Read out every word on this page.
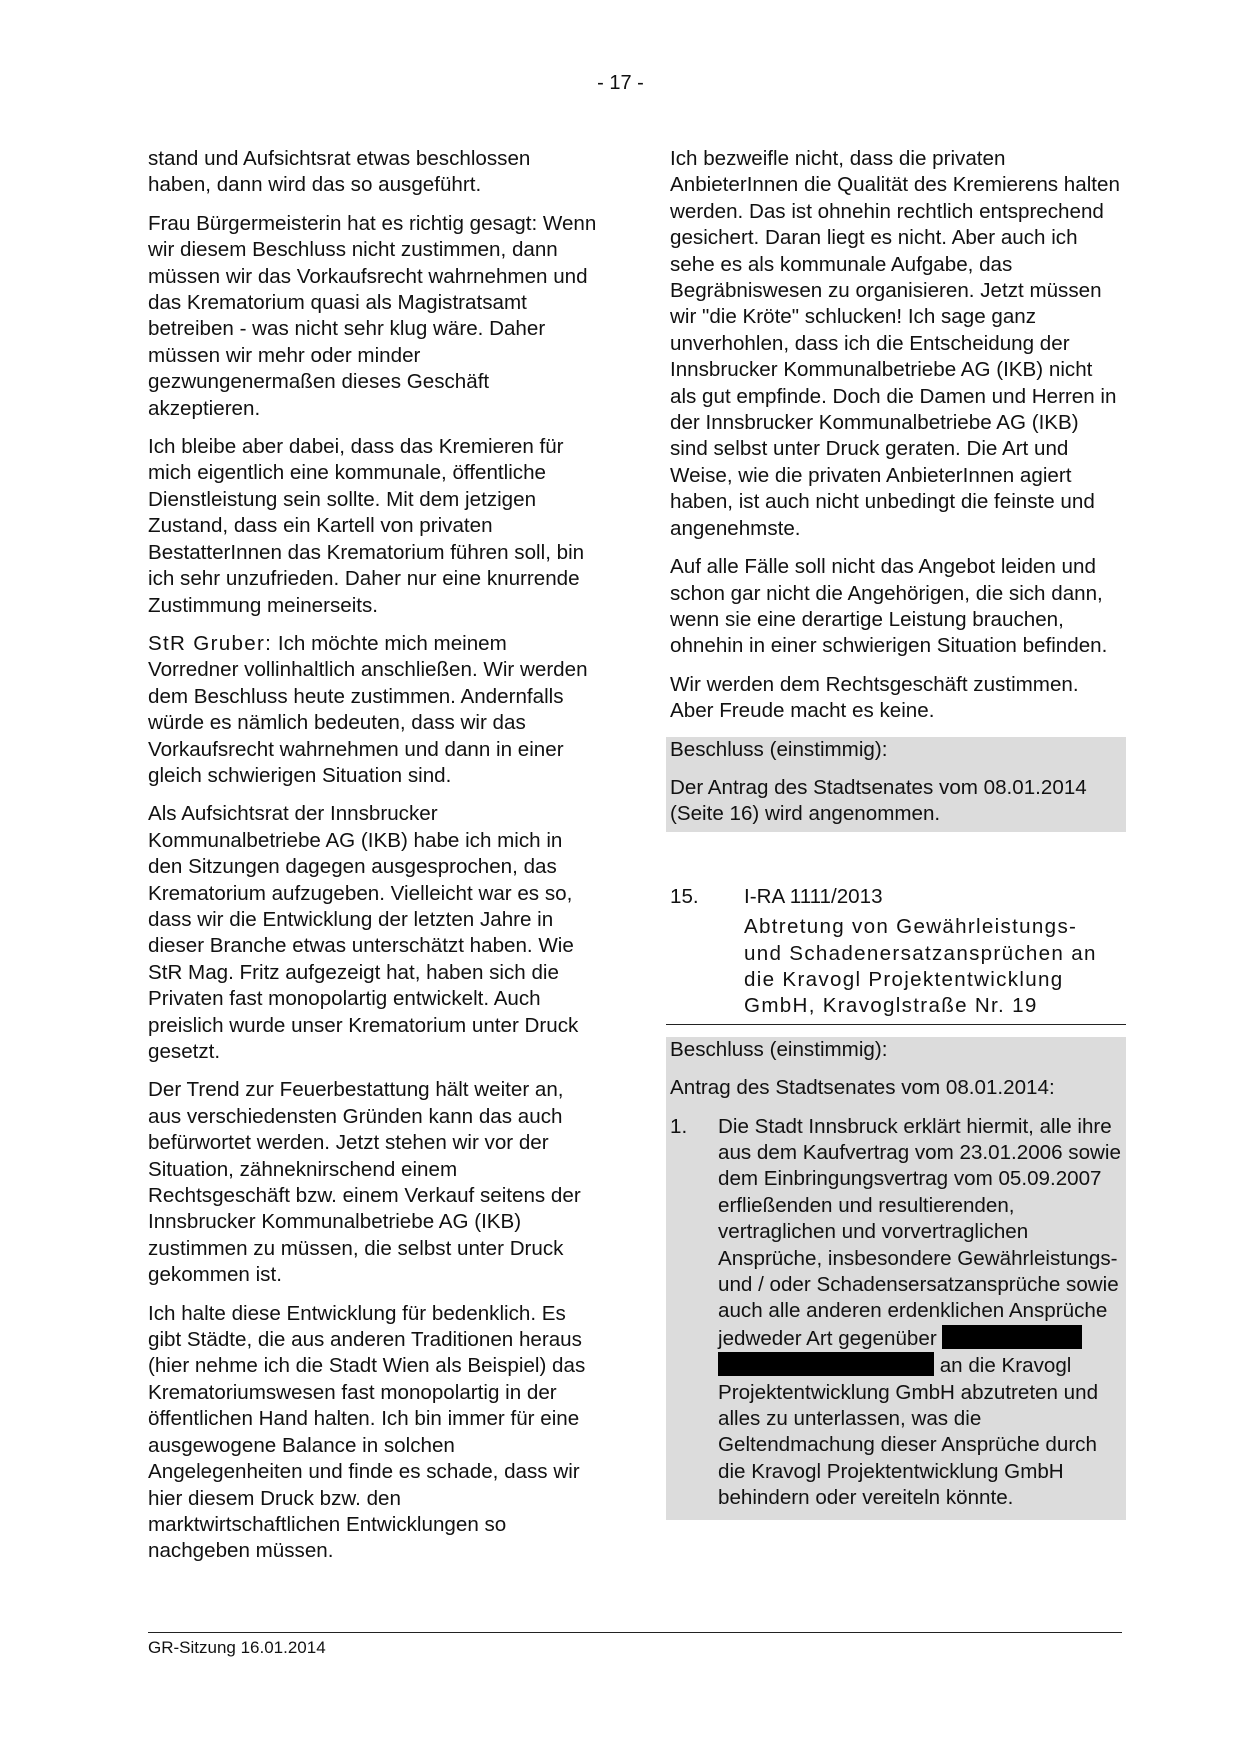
- 17 -

stand und Aufsichtsrat etwas beschlossen haben, dann wird das so ausgeführt.

Frau Bürgermeisterin hat es richtig gesagt: Wenn wir diesem Beschluss nicht zustimmen, dann müssen wir das Vorkaufsrecht wahrnehmen und das Krematorium quasi als Magistratsamt betreiben - was nicht sehr klug wäre. Daher müssen wir mehr oder minder gezwungenermaßen dieses Geschäft akzeptieren.

Ich bleibe aber dabei, dass das Kremieren für mich eigentlich eine kommunale, öffentliche Dienstleistung sein sollte. Mit dem jetzigen Zustand, dass ein Kartell von privaten BestatterInnen das Krematorium führen soll, bin ich sehr unzufrieden. Daher nur eine knurrende Zustimmung meinerseits.

StR Gruber: Ich möchte mich meinem Vorredner vollinhaltlich anschließen. Wir werden dem Beschluss heute zustimmen. Andernfalls würde es nämlich bedeuten, dass wir das Vorkaufsrecht wahrnehmen und dann in einer gleich schwierigen Situation sind.

Als Aufsichtsrat der Innsbrucker Kommunalbetriebe AG (IKB) habe ich mich in den Sitzungen dagegen ausgesprochen, das Krematorium aufzugeben. Vielleicht war es so, dass wir die Entwicklung der letzten Jahre in dieser Branche etwas unterschätzt haben. Wie StR Mag. Fritz aufgezeigt hat, haben sich die Privaten fast monopolartig entwickelt. Auch preislich wurde unser Krematorium unter Druck gesetzt.

Der Trend zur Feuerbestattung hält weiter an, aus verschiedensten Gründen kann das auch befürwortet werden. Jetzt stehen wir vor der Situation, zähneknirschend einem Rechtsgeschäft bzw. einem Verkauf seitens der Innsbrucker Kommunalbetriebe AG (IKB) zustimmen zu müssen, die selbst unter Druck gekommen ist.

Ich halte diese Entwicklung für bedenklich. Es gibt Städte, die aus anderen Traditionen heraus (hier nehme ich die Stadt Wien als Beispiel) das Krematoriumswesen fast monopolartig in der öffentlichen Hand halten. Ich bin immer für eine ausgewogene Balance in solchen Angelegenheiten und finde es schade, dass wir hier diesem Druck bzw. den marktwirtschaftlichen Entwicklungen so nachgeben müssen.

Ich bezweifle nicht, dass die privaten AnbieterInnen die Qualität des Kremierens halten werden. Das ist ohnehin rechtlich entsprechend gesichert. Daran liegt es nicht. Aber auch ich sehe es als kommunale Aufgabe, das Begräbniswesen zu organisieren. Jetzt müssen wir "die Kröte" schlucken! Ich sage ganz unverhohlen, dass ich die Entscheidung der Innsbrucker Kommunalbetriebe AG (IKB) nicht als gut empfinde. Doch die Damen und Herren in der Innsbrucker Kommunalbetriebe AG (IKB) sind selbst unter Druck geraten. Die Art und Weise, wie die privaten AnbieterInnen agiert haben, ist auch nicht unbedingt die feinste und angenehmste.

Auf alle Fälle soll nicht das Angebot leiden und schon gar nicht die Angehörigen, die sich dann, wenn sie eine derartige Leistung brauchen, ohnehin in einer schwierigen Situation befinden.

Wir werden dem Rechtsgeschäft zustimmen. Aber Freude macht es keine.

Beschluss (einstimmig):

Der Antrag des Stadtsenates vom 08.01.2014 (Seite 16) wird angenommen.

15.	I-RA 1111/2013
Abtretung von Gewährleistungs- und Schadenersatzansprüchen an die Kravogl Projektentwicklung GmbH, Kravoglstraße Nr. 19

Beschluss (einstimmig):

Antrag des Stadtsenates vom 08.01.2014:

1.	Die Stadt Innsbruck erklärt hiermit, alle ihre aus dem Kaufvertrag vom 23.01.2006 sowie dem Einbringungsvertrag vom 05.09.2007 erfließenden und resultierenden, vertraglichen und vorvertraglichen Ansprüche, insbesondere Gewährleistungs- und / oder Schadensersatzansprüche sowie auch alle anderen erdenklichen Ansprüche jedweder Art gegenüber   an die Kravogl Projektentwicklung GmbH abzutreten und alles zu unterlassen, was die Geltendmachung dieser Ansprüche durch die Kravogl Projektentwicklung GmbH behindern oder vereiteln könnte.
GR-Sitzung 16.01.2014
